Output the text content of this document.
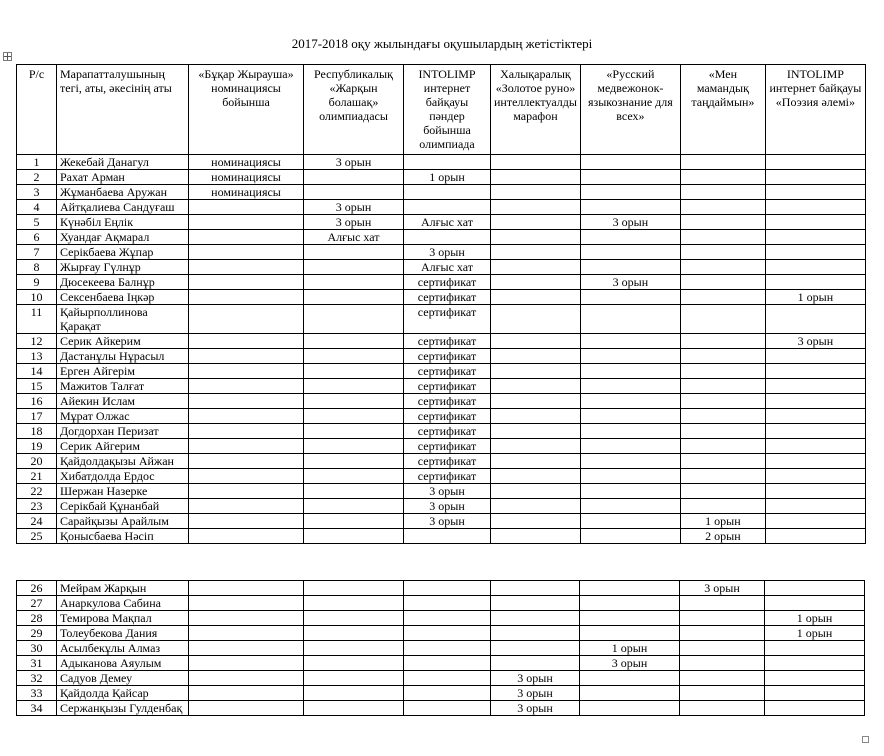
2017-2018 оқу жылындағы оқушылардың жетістіктері
Р/с	Марапатталушының тегі, аты, әкесінің аты	«Бұқар Жырауша» номинациясы бойынша	Республикалық «Жарқын болашақ» олимпиадасы	INTOLIMP интернет байқауы пәндер бойынша олимпиада	Халықаралық «Золотое руно» интеллектуалды марафон	«Русский медвежонок-языкознание для всех»	«Мен мамандық таңдаймын»	INTOLIMP интернет байқауы «Поэзия әлемі»
1	Жекебай Данагул	номинациясы	3 орын					
2	Рахат Арман	номинациясы		1 орын				
3	Жұманбаева Аружан	номинациясы						
4	Айтқалиева Сандуғаш		3 орын					
5	Күнәбіл Еңлік		3 орын	Алғыс хат		3 орын		
6	Хуандағ Ақмарал		Алғыс хат					
7	Серікбаева Жұпар			3 орын				
8	Жырғау Гүлнұр			Алғыс хат				
9	Дюсекеева Балнұр			сертификат		3 орын		
10	Сексенбаева Іңкәр			сертификат				1 орын
11	Қайырполлинова Қарақат			сертификат				
12	Серик Айкерим			сертификат				3 орын
13	Дастанұлы Нұрасыл			сертификат				
14	Ерген Айгерім			сертификат				
15	Мажитов Талғат			сертификат				
16	Айекин Ислам			сертификат				
17	Мұрат Олжас			сертификат				
18	Догдорхан Перизат			сертификат				
19	Серик Айгерим			сертификат				
20	Қайдолдақызы Айжан			сертификат				
21	Хибатдолда Ердос			сертификат				
22	Шержан Назерке			3 орын				
23	Серікбай Құнанбай			3 орын				
24	Сарайқызы Арайлым			3 орын			1 орын	
25	Қонысбаева Нәсіп						2 орын	
26	Мейрам Жарқын						3 орын	
27	Анаркулова Сабина							
28	Темирова Мақпал							1 орын
29	Толеубекова Дания							1 орын
30	Асылбекұлы Алмаз					1 орын		
31	Адыканова Аяулым					3 орын		
32	Садуов Демеу				3 орын			
33	Қайдолда Қайсар				3 орын			
34	Сержанқызы Гулденбақ				3 орын			
